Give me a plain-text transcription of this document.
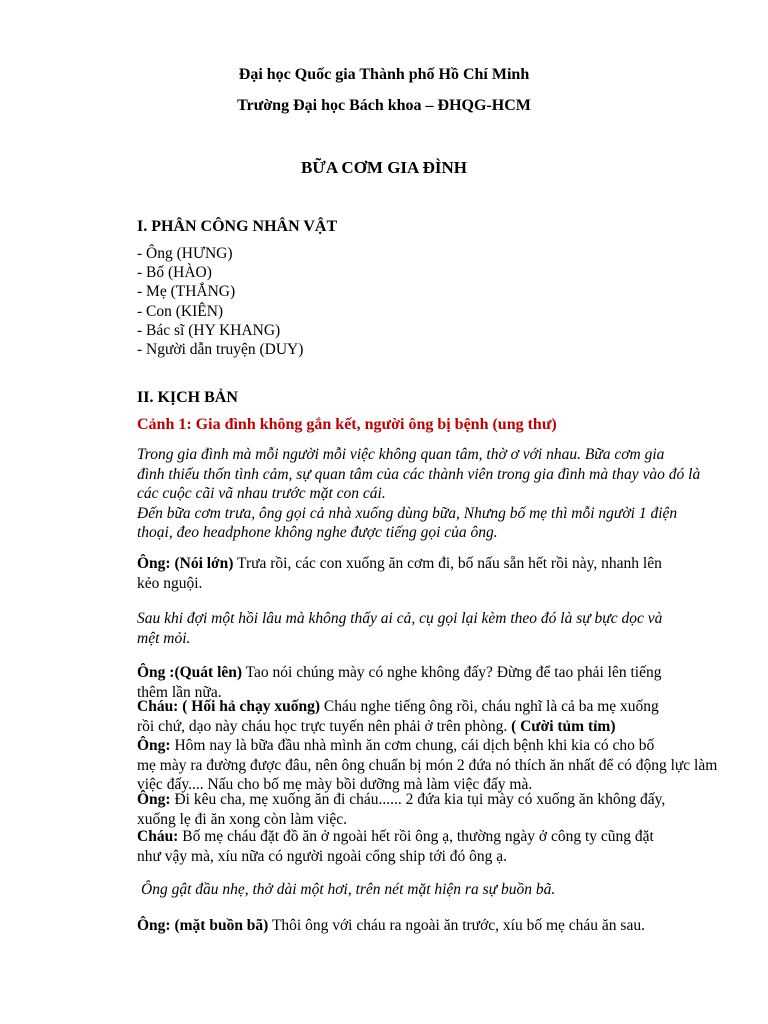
Đại học Quốc gia Thành phố Hồ Chí Minh
Trường Đại học Bách khoa – ĐHQG-HCM
BỮA CƠM GIA ĐÌNH
I. PHÂN CÔNG NHÂN VẬT
- Ông (HƯNG)
- Bố (HÀO)
- Mẹ (THẮNG)
- Con (KIÊN)
- Bác sĩ (HY KHANG)
- Người dẫn truyện (DUY)
II. KỊCH BẢN
Cảnh 1: Gia đình không gắn kết, người ông bị bệnh (ung thư)
Trong gia đình mà mỗi người mỗi việc không quan tâm, thờ ơ với nhau. Bữa cơm gia
đình thiếu thốn tình cảm, sự quan tâm của các thành viên trong gia đình mà thay vào đó là
các cuộc cãi vã nhau trước mặt con cái.
Đến bữa cơm trưa, ông gọi cả nhà xuống dùng bữa, Nhưng bố mẹ thì mỗi người 1 điện
thoại, đeo headphone không nghe được tiếng gọi của ông.
Ông: (Nói lớn) Trưa rồi, các con xuống ăn cơm đi, bố nấu sẵn hết rồi này, nhanh lên
kẻo nguội.
Sau khi đợi một hồi lâu mà không thấy ai cả, cụ gọi lại kèm theo đó là sự bực dọc và
mệt mỏi.
Ông :(Quát lên) Tao nói chúng mày có nghe không đấy? Đừng để tao phải lên tiếng
thêm lần nữa.
Cháu: ( Hối hả chạy xuống) Cháu nghe tiếng ông rồi, cháu nghĩ là cả ba mẹ xuống
rồi chứ, dạo này cháu học trực tuyến nên phải ở trên phòng. ( Cười tủm tỉm)
Ông: Hôm nay là bữa đầu nhà mình ăn cơm chung, cái dịch bệnh khi kia có cho bố
mẹ mày ra đường được đâu, nên ông chuẩn bị món 2 đứa nó thích ăn nhất để có động lực làm
việc đấy.... Nấu cho bố mẹ mày bồi dưỡng mà làm việc đấy mà.
Ông: Đi kêu cha, mẹ xuống ăn đi cháu...... 2 đứa kia tụi mày có xuống ăn không đấy,
xuống lẹ đi ăn xong còn làm việc.
Cháu: Bố mẹ cháu đặt đồ ăn ở ngoài hết rồi ông ạ, thường ngày ở công ty cũng đặt
như vậy mà, xíu nữa có người ngoài cổng ship tới đó ông ạ.
Ông gật đầu nhẹ, thở dài một hơi, trên nét mặt hiện ra sự buồn bã.
Ông: (mặt buồn bã) Thôi ông với cháu ra ngoài ăn trước, xíu bố mẹ cháu ăn sau.
